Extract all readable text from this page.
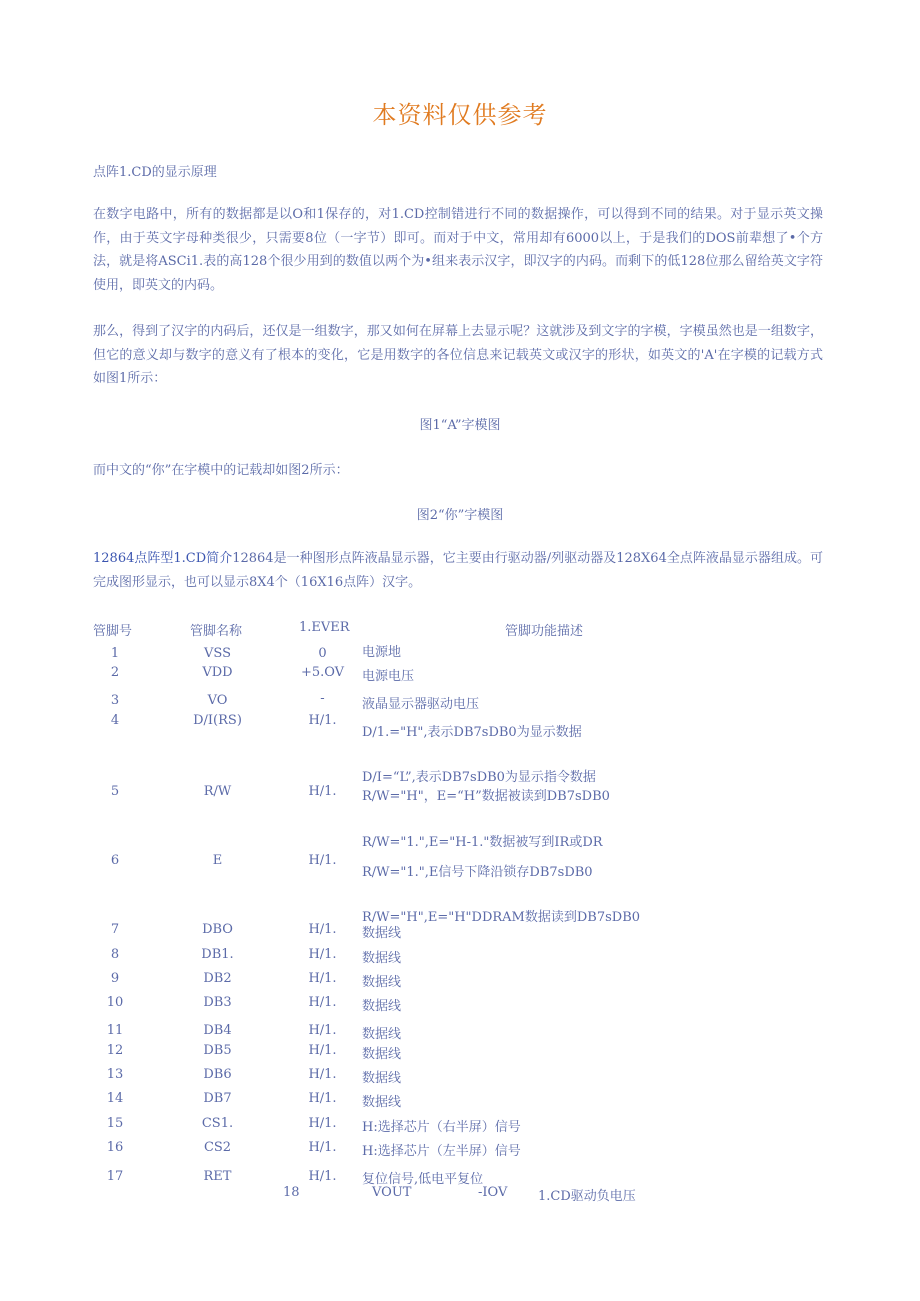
本资料仅供参考
点阵1.CD的显示原理
在数字电路中，所有的数据都是以O和1保存的，对1.CD控制错进行不同的数据操作，可以得到不同的结果。对于显示英文操作，由于英文字母种类很少，只需要8位（一字节）即可。而对于中文，常用却有6000以上，于是我们的DOS前辈想了•个方法，就是将ASCi1.表的高128个很少用到的数值以两个为•组来表示汉字，即汉字的内码。而剩下的低128位那么留给英文字符使用，即英文的内码。
那么，得到了汉字的内码后，还仅是一组数字，那又如何在屏幕上去显示呢？这就涉及到文字的字模，字模虽然也是一组数字，但它的意义却与数字的意义有了根本的变化，它是用数字的各位信息来记载英文或汉字的形状，如英文的'A'在字模的记载方式如图1所示：
图1“A”字模图
而中文的“你”在字模中的记载却如图2所示：
图2“你”字模图
12864点阵型1.CD简介12864是一种图形点阵液晶显示器，它主要由行驱动器/列驱动器及128X64全点阵液晶显示器组成。可完成图形显示，也可以显示8X4个（16X16点阵）汉字。
管脚号	管脚名称	1.EVER	管脚功能描述
1	VSS	0	电源地
2	VDD	+5.OV	电源电压
3	VO	-	液晶显示器驱动电压
4	D/I(RS)	H/1.
D/1.="H",表示DB7sDB0为显示数据
D/I=“L”,表示DB7sDB0为显示指令数据
5	R/W	H/1.	R/W="H"，E=“H”数据被读到DB7sDB0
R/W="1.",E="H-1."数据被写到IR或DR
6	E	H/1.
R/W="1.",E信号下降沿锁存DB7sDB0
R/W="H",E="H"DDRAM数据读到DB7sDB0
7	DBO	H/1.	数据线
8	DB1.	H/1.	数据线
9	DB2	H/1.	数据线
10	DB3	H/1.	数据线
11	DB4	H/1.	数据线
12	DB5	H/1.	数据线
13	DB6	H/1.	数据线
14	DB7	H/1.	数据线
15	CS1.	H/1.	H:选择芯片（右半屏）信号
16	CS2	H/1.	H:选择芯片（左半屏）信号
17	RET	H/1.	复位信号,低电平复位
18	VOUT	-IOV 1.CD驱动负电压
